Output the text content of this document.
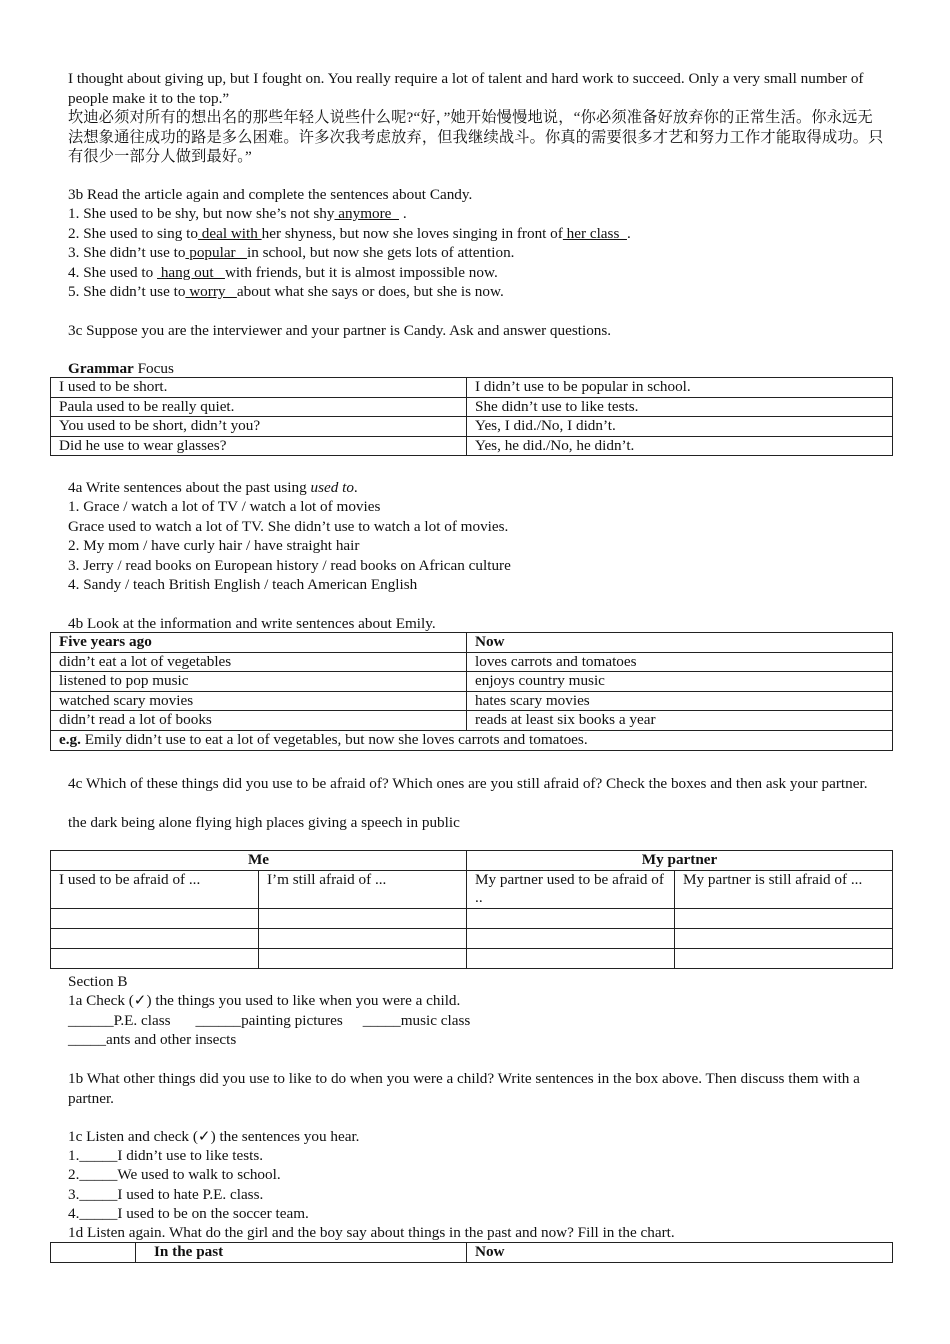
I thought about giving up, but I fought on. You really require a lot of talent and hard work to succeed. Only a very small number of people make it to the top.”

坎迪必须对所有的想出名的那些年轻人说些什么呢?“好，”她开始慢慢地说，“你必须准备好放弃你的正常生活。你永远无法想象通往成功的路是多么困难。许多次我考虑放弃，但我继续战斗。你真的需要很多才艺和努力工作才能取得成功。只有很少一部分人做到最好。”

3b Read the article again and complete the sentences about Candy.

1. She used to be shy, but now she’s not shy anymore   .

2. She used to sing to deal with her shyness, but now she loves singing in front of her class  .

3. She didn’t use to popular   in school, but now she gets lots of attention.

4. She used to  hang out   with friends, but it is almost impossible now.

5. She didn’t use to worry   about what she says or does, but she is now.

3c Suppose you are the interviewer and your partner is Candy. Ask and answer questions.

Grammar Focus

I used to be short.	I didn’t use to be popular in school.
Paula used to be really quiet.	She didn’t use to like tests.
You used to be short, didn’t you?	Yes, I did./No, I didn’t.
Did he use to wear glasses?	Yes, he did./No, he didn’t.

4a Write sentences about the past using used to.

1. Grace / watch a lot of TV / watch a lot of movies

Grace used to watch a lot of TV. She didn’t use to watch a lot of movies.

2. My mom / have curly hair / have straight hair

3. Jerry / read books on European history / read books on African culture

4. Sandy / teach British English / teach American English

4b Look at the information and write sentences about Emily.

Five years ago	Now
didn’t eat a lot of vegetables	loves carrots and tomatoes
listened to pop music	enjoys country music
watched scary movies	hates scary movies
didn’t read a lot of books	reads at least six books a year
e.g. Emily didn’t use to eat a lot of vegetables, but now she loves carrots and tomatoes.	

4c Which of these things did you use to be afraid of? Which ones are you still afraid of? Check the boxes and then ask your partner.

the dark being alone flying high places giving a speech in public

Me		My partner	
I used to be afraid of ...	I’m still afraid of ...	My partner used to be afraid of ..	My partner is still afraid of ...

Section B

1a Check (✓) the things you used to like when you were a child.

______P.E. class ______painting pictures _____music class

_____ants and other insects

1b What other things did you use to like to do when you were a child? Write sentences in the box above. Then discuss them with a partner.

1c Listen and check (✓) the sentences you hear.

1._____I didn’t use to like tests.

2._____We used to walk to school.

3._____I used to hate P.E. class.

4._____I used to be on the soccer team.

1d Listen again. What do the girl and the boy say about things in the past and now? Fill in the chart.

	In the past	Now
